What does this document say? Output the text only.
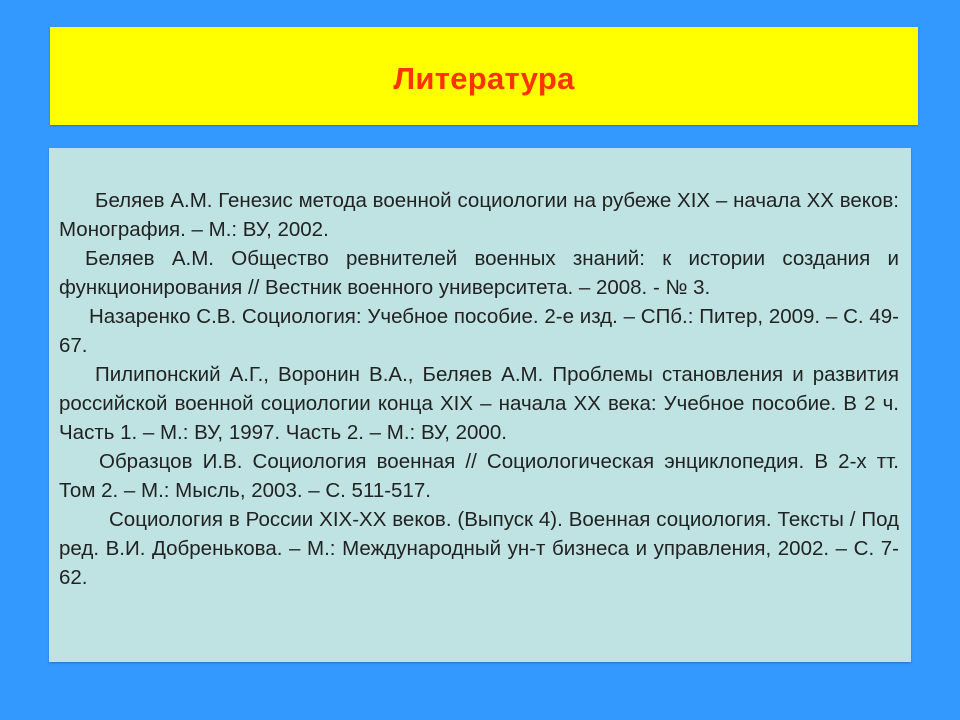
Литература
Беляев А.М. Генезис метода военной социологии на рубеже XIX – начала XX веков: Монография. – М.: ВУ, 2002.
Беляев А.М. Общество ревнителей военных знаний: к истории создания и функционирования // Вестник военного университета. – 2008. - № 3.
Назаренко С.В. Социология: Учебное пособие. 2-е изд. – СПб.: Питер, 2009. – С. 49-67.
Пилипонский А.Г., Воронин В.А., Беляев А.М. Проблемы становления и развития российской военной социологии конца XIX – начала XX века: Учебное пособие. В 2 ч. Часть 1. – М.: ВУ, 1997. Часть 2. – М.: ВУ, 2000.
Образцов И.В. Социология военная // Социологическая энциклопедия. В 2-х тт. Том 2. – М.: Мысль, 2003. – С. 511-517.
Социология в России XIX-XX веков. (Выпуск 4). Военная социология. Тексты / Под ред. В.И. Добренькова. – М.: Международный ун-т бизнеса и управления, 2002. – С. 7-62.
